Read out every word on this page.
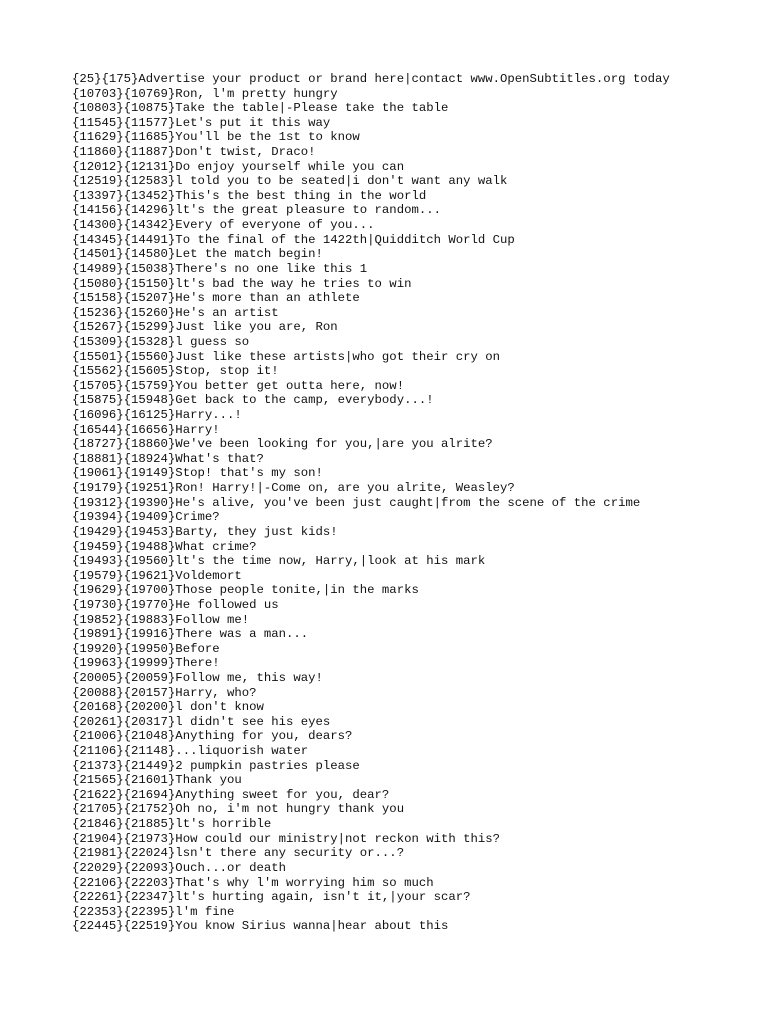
{25}{175}Advertise your product or brand here|contact www.OpenSubtitles.org today
{10703}{10769}Ron, l'm pretty hungry
{10803}{10875}Take the table|-Please take the table
{11545}{11577}Let's put it this way
{11629}{11685}You'll be the 1st to know
{11860}{11887}Don't twist, Draco!
{12012}{12131}Do enjoy yourself while you can
{12519}{12583}l told you to be seated|i don't want any walk
{13397}{13452}This's the best thing in the world
{14156}{14296}lt's the great pleasure to random...
{14300}{14342}Every of everyone of you...
{14345}{14491}To the final of the 1422th|Quidditch World Cup
{14501}{14580}Let the match begin!
{14989}{15038}There's no one like this 1
{15080}{15150}lt's bad the way he tries to win
{15158}{15207}He's more than an athlete
{15236}{15260}He's an artist
{15267}{15299}Just like you are, Ron
{15309}{15328}l guess so
{15501}{15560}Just like these artists|who got their cry on
{15562}{15605}Stop, stop it!
{15705}{15759}You better get outta here, now!
{15875}{15948}Get back to the camp, everybody...!
{16096}{16125}Harry...!
{16544}{16656}Harry!
{18727}{18860}We've been looking for you,|are you alrite?
{18881}{18924}What's that?
{19061}{19149}Stop! that's my son!
{19179}{19251}Ron! Harry!|-Come on, are you alrite, Weasley?
{19312}{19390}He's alive, you've been just caught|from the scene of the crime
{19394}{19409}Crime?
{19429}{19453}Barty, they just kids!
{19459}{19488}What crime?
{19493}{19560}lt's the time now, Harry,|look at his mark
{19579}{19621}Voldemort
{19629}{19700}Those people tonite,|in the marks
{19730}{19770}He followed us
{19852}{19883}Follow me!
{19891}{19916}There was a man...
{19920}{19950}Before
{19963}{19999}There!
{20005}{20059}Follow me, this way!
{20088}{20157}Harry, who?
{20168}{20200}l don't know
{20261}{20317}l didn't see his eyes
{21006}{21048}Anything for you, dears?
{21106}{21148}...liquorish water
{21373}{21449}2 pumpkin pastries please
{21565}{21601}Thank you
{21622}{21694}Anything sweet for you, dear?
{21705}{21752}Oh no, i'm not hungry thank you
{21846}{21885}lt's horrible
{21904}{21973}How could our ministry|not reckon with this?
{21981}{22024}lsn't there any security or...?
{22029}{22093}Ouch...or death
{22106}{22203}That's why l'm worrying him so much
{22261}{22347}lt's hurting again, isn't it,|your scar?
{22353}{22395}l'm fine
{22445}{22519}You know Sirius wanna|hear about this
